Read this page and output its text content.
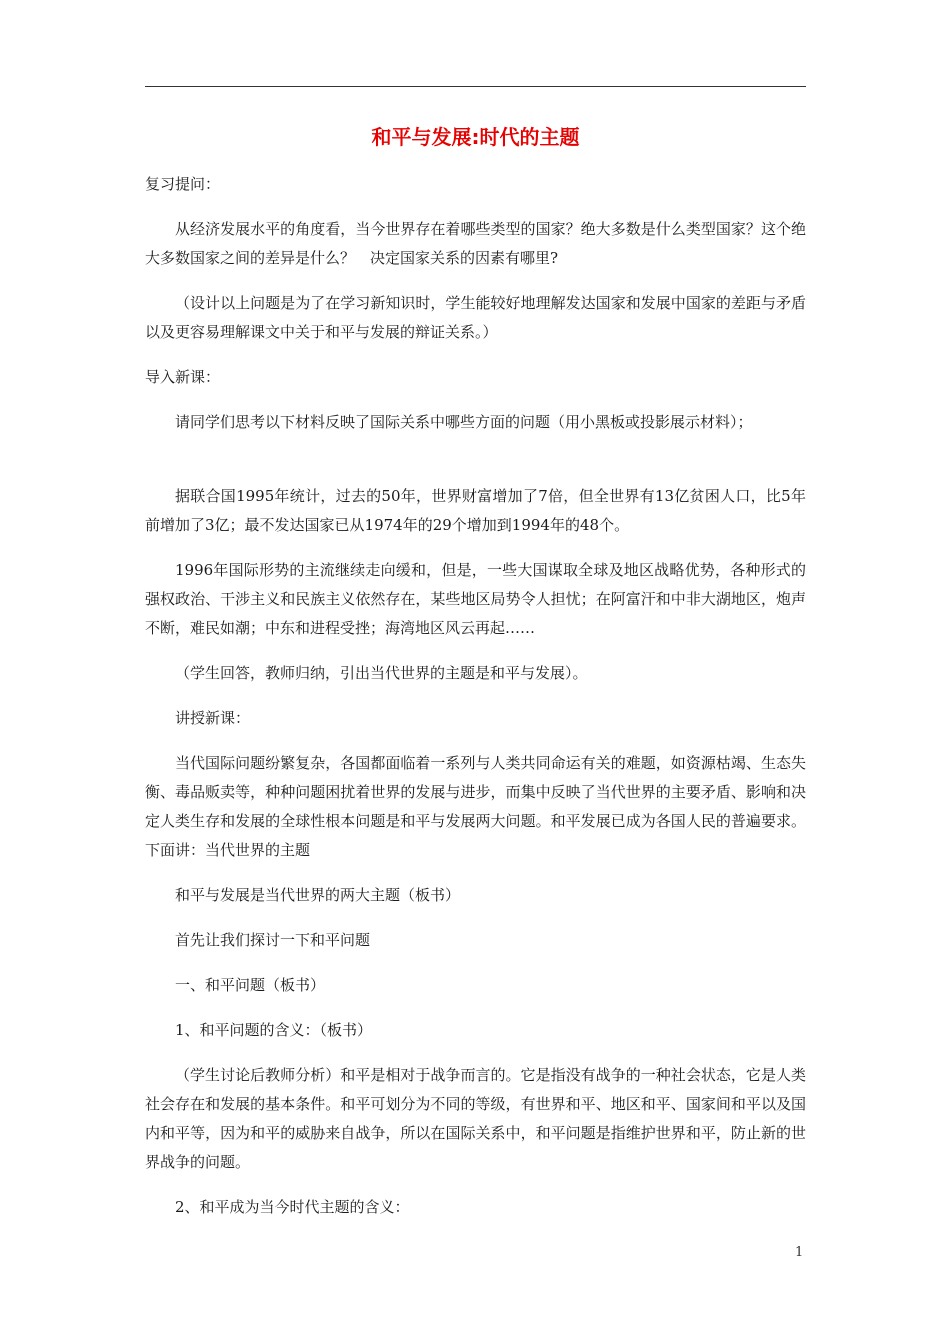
和平与发展:时代的主题

复习提问：

从经济发展水平的角度看，当今世界存在着哪些类型的国家？绝大多数是什么类型国家？这个绝大多数国家之间的差异是什么？　决定国家关系的因素有哪里?

（设计以上问题是为了在学习新知识时，学生能较好地理解发达国家和发展中国家的差距与矛盾以及更容易理解课文中关于和平与发展的辩证关系。）

导入新课：

请同学们思考以下材料反映了国际关系中哪些方面的问题（用小黑板或投影展示材料）；

据联合国1995年统计，过去的50年，世界财富增加了7倍，但全世界有13亿贫困人口，比5年前增加了3亿；最不发达国家已从1974年的29个增加到1994年的48个。

1996年国际形势的主流继续走向缓和，但是，一些大国谋取全球及地区战略优势，各种形式的强权政治、干涉主义和民族主义依然存在，某些地区局势令人担忧；在阿富汗和中非大湖地区，炮声不断，难民如潮；中东和进程受挫；海湾地区风云再起……

（学生回答，教师归纳，引出当代世界的主题是和平与发展）。

讲授新课：

当代国际问题纷繁复杂，各国都面临着一系列与人类共同命运有关的难题，如资源枯竭、生态失衡、毒品贩卖等，种种问题困扰着世界的发展与进步，而集中反映了当代世界的主要矛盾、影响和决定人类生存和发展的全球性根本问题是和平与发展两大问题。和平发展已成为各国人民的普遍要求。下面讲：当代世界的主题

和平与发展是当代世界的两大主题（板书）

首先让我们探讨一下和平问题

一、和平问题（板书）

1、和平问题的含义：（板书）

（学生讨论后教师分析）和平是相对于战争而言的。它是指没有战争的一种社会状态，它是人类社会存在和发展的基本条件。和平可划分为不同的等级，有世界和平、地区和平、国家间和平以及国内和平等，因为和平的威胁来自战争，所以在国际关系中，和平问题是指维护世界和平，防止新的世界战争的问题。

2、和平成为当今时代主题的含义：

1
